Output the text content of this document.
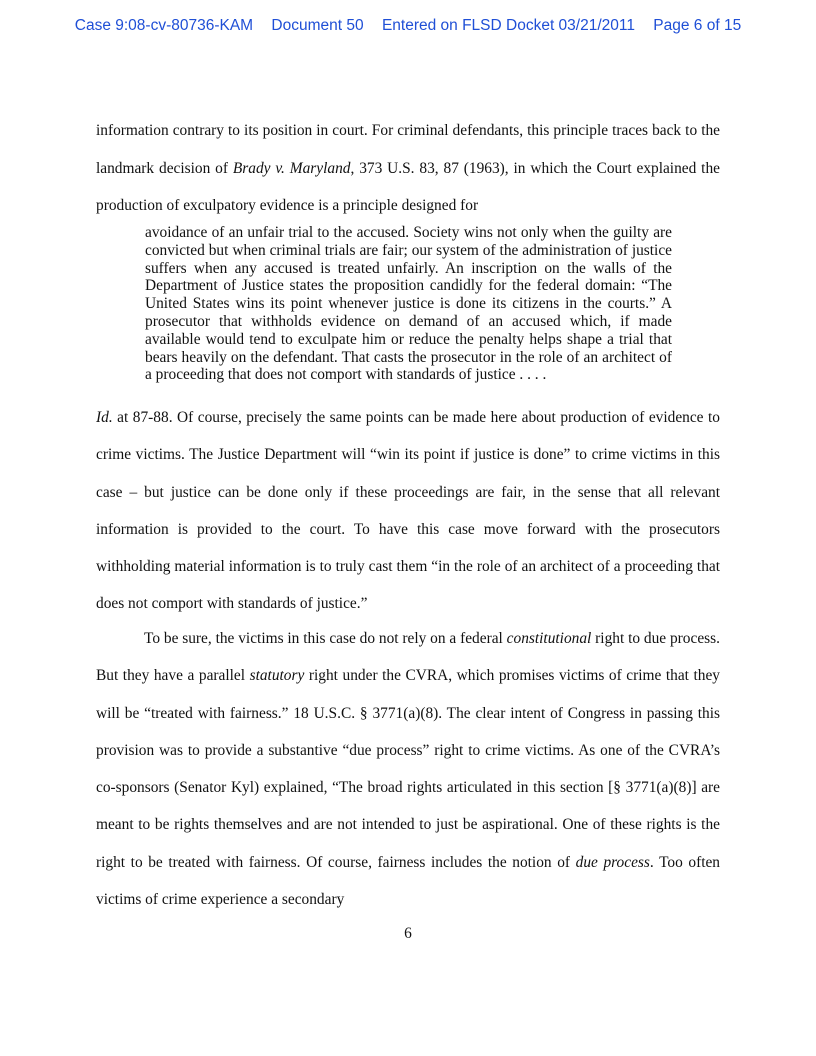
Case 9:08-cv-80736-KAM Document 50 Entered on FLSD Docket 03/21/2011 Page 6 of 15

information contrary to its position in court. For criminal defendants, this principle traces back to the landmark decision of Brady v. Maryland, 373 U.S. 83, 87 (1963), in which the Court explained the production of exculpatory evidence is a principle designed for

avoidance of an unfair trial to the accused. Society wins not only when the guilty are convicted but when criminal trials are fair; our system of the administration of justice suffers when any accused is treated unfairly. An inscription on the walls of the Department of Justice states the proposition candidly for the federal domain: “The United States wins its point whenever justice is done its citizens in the courts.” A prosecutor that withholds evidence on demand of an accused which, if made available would tend to exculpate him or reduce the penalty helps shape a trial that bears heavily on the defendant. That casts the prosecutor in the role of an architect of a proceeding that does not comport with standards of justice . . . .

Id. at 87-88. Of course, precisely the same points can be made here about production of evidence to crime victims. The Justice Department will “win its point if justice is done” to crime victims in this case – but justice can be done only if these proceedings are fair, in the sense that all relevant information is provided to the court. To have this case move forward with the prosecutors withholding material information is to truly cast them “in the role of an architect of a proceeding that does not comport with standards of justice.”

To be sure, the victims in this case do not rely on a federal constitutional right to due process. But they have a parallel statutory right under the CVRA, which promises victims of crime that they will be “treated with fairness.” 18 U.S.C. § 3771(a)(8). The clear intent of Congress in passing this provision was to provide a substantive “due process” right to crime victims. As one of the CVRA’s co-sponsors (Senator Kyl) explained, “The broad rights articulated in this section [§ 3771(a)(8)] are meant to be rights themselves and are not intended to just be aspirational. One of these rights is the right to be treated with fairness. Of course, fairness includes the notion of due process. Too often victims of crime experience a secondary

6
